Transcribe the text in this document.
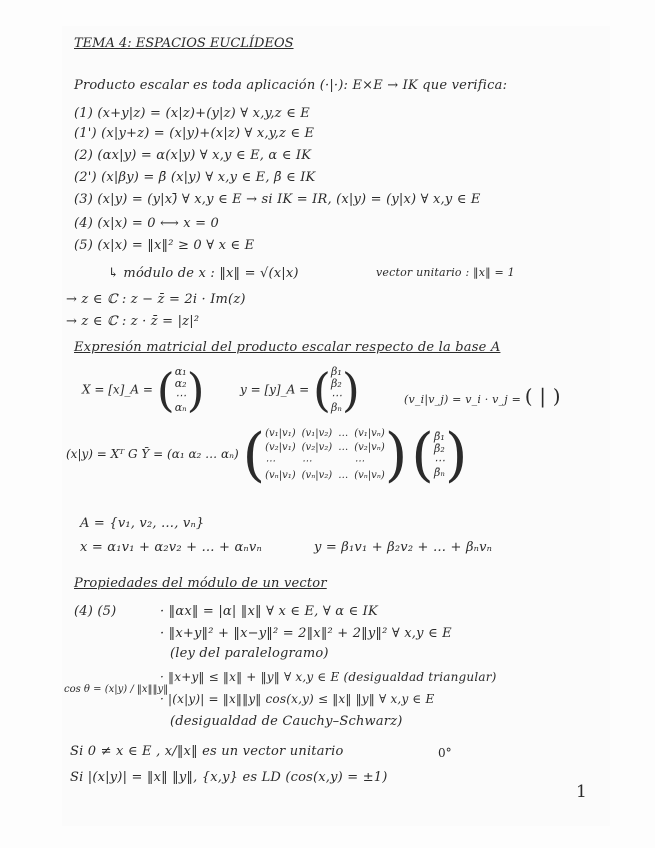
TEMA 4: ESPACIOS EUCLÍDEOS
Producto escalar es toda aplicación (·|·): E×E → IK que verifica:
(1) (x+y|z) = (x|z)+(y|z) ∀ x,y,z ∈ E
(1') (x|y+z) = (x|y)+(x|z) ∀ x,y,z ∈ E
(2) (αx|y) = α(x|y) ∀ x,y ∈ E, α ∈ IK
(2') (x|βy) = β̄ (x|y) ∀ x,y ∈ E, β̄ ∈ IK
(3) (x|y) = (y|x)̄ ∀ x,y ∈ E → si IK = IR, (x|y) = (y|x) ∀ x,y ∈ E
(4) (x|x) = 0 ⟷ x = 0
(5) (x|x) = ‖x‖² ≥ 0 ∀ x ∈ E
↳ módulo de x : ‖x‖ = √(x|x)	vector unitario : ‖x‖ = 1
→ z ∈ ℂ : z − z̄ = 2i · Im(z)
→ z ∈ ℂ : z · z̄ = |z|²
Expresión matricial del producto escalar respecto de la base A
X = [x]_A = ( α₁
α₂
⋯
αₙ )	y = [y]_A = ( β₁
β₂
⋯
βₙ )	(v_i|v_j) = v_i · v_j = ( | )
(x|y) = Xᵀ G Ȳ = (α₁ α₂ … αₙ) ( (v₁|v₁) (v₁|v₂) … (v₁|vₙ)
(v₂|v₁) (v₂|v₂) … (v₂|vₙ)
⋯	⋯	⋯
(vₙ|v₁) (vₙ|v₂) … (vₙ|vₙ) ) ( β̄₁
β̄₂
⋯
β̄ₙ )
A = {v₁, v₂, …, vₙ}
x = α₁v₁ + α₂v₂ + … + αₙvₙ	y = β₁v₁ + β₂v₂ + … + βₙvₙ
Propiedades del módulo de un vector
(4) (5)	· ‖αx‖ = |α| ‖x‖ ∀ x ∈ E, ∀ α ∈ IK
· ‖x+y‖² + ‖x−y‖² = 2‖x‖² + 2‖y‖² ∀ x,y ∈ E
(ley del paralelogramo)
· ‖x+y‖ ≤ ‖x‖ + ‖y‖ ∀ x,y ∈ E (desigualdad triangular)
· |(x|y)| = ‖x‖‖y‖ cos(x,y) ≤ ‖x‖ ‖y‖ ∀ x,y ∈ E
(desigualdad de Cauchy–Schwarz)
cos θ = (x|y) / ‖x‖‖y‖
Si 0 ≠ x ∈ E , x/‖x‖ es un vector unitario
Si |(x|y)| = ‖x‖ ‖y‖, {x,y} es LD (cos(x,y) = ±1)
0°
1
